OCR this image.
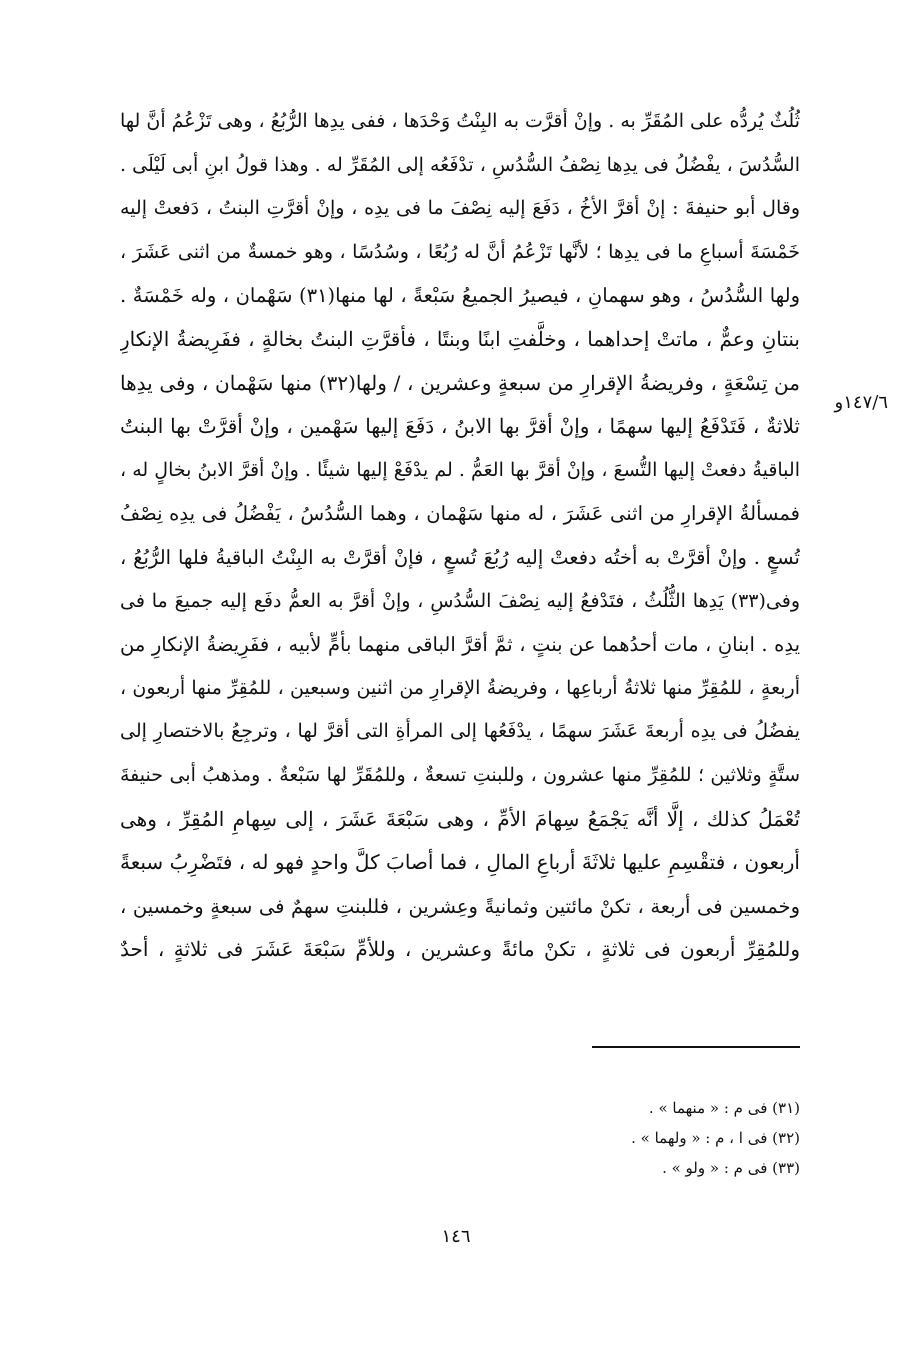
١٤٧/٦و
ثُلُثٌ يُردُّه على المُقَرِّ به . وإنْ أقرَّت به البِنْتُ وَحْدَها ، ففى يدِها الرُّبُعُ ، وهى تَزْعُمُ أنَّ لها
السُّدُسَ ، يفْضُلُ فى يدِها نِصْفُ السُّدُسِ ، تدْفَعُه إلى المُقَرِّ له . وهذا قولُ ابنِ أبى لَيْلَى .
وقال أبو حنيفةَ : إنْ أقرَّ الأخُ ، دَفَعَ إليه نِصْفَ ما فى يدِه ، وإنْ أقرَّتِ البنتُ ، دَفعتْ إليه
خَمْسَةَ أسباعِ ما فى يدِها ؛ لأنَّها تَزْعُمُ أنَّ له رُبُعًا ، وسُدُسًا ، وهو خمسةٌ من اثنى عَشَرَ ،
ولها السُّدُسُ ، وهو سهمانِ ، فيصيرُ الجميعُ سَبْعةً ، لها منها(٣١) سَهْمان ، وله خَمْسَةٌ .
بنتانِ وعمٌّ ، ماتتْ إحداهما ، وخلَّفتِ ابنًا وبنتًا ، فأقرَّتِ البنتُ بخالةٍ ، ففَرِيضةُ الإنكارِ
من تِسْعَةٍ ، وفريضةُ الإقرارِ من سبعةٍ وعشرين ، / ولها(٣٢) منها سَهْمان ، وفى يدِها
ثلاثةٌ ، فَتَدْفَعُ إليها سهمًا ، وإنْ أقرَّ بها الابنُ ، دَفَعَ إليها سَهْمين ، وإنْ أقرَّتْ بها البنتُ
الباقيةُ دفعتْ إليها التُّسعَ ، وإنْ أقرَّ بها العَمُّ . لم يدْفَعْ إليها شيئًا . وإنْ أقرَّ الابنُ بخالٍ له ،
فمسألةُ الإقرارِ من اثنى عَشَرَ ، له منها سَهْمان ، وهما السُّدُسُ ، يَفْضُلُ فى يدِه نِصْفُ
تُسعٍ . وإنْ أقرَّتْ به أختُه دفعتْ إليه رُبُعَ تُسعٍ ، فإنْ أقرَّتْ به البِنْتُ الباقيةُ فلها الرُّبُعُ ،
وفى(٣٣) يَدِها الثُّلُثُ ، فتَدْفعُ إليه نِصْفَ السُّدُسِ ، وإنْ أقرَّ به العمُّ دفَع إليه جميعَ ما فى
يدِه . ابنانِ ، مات أحدُهما عن بنتٍ ، ثمَّ أقرَّ الباقى منهما بأمٍّ لأبيه ، ففَرِيضةُ الإنكارِ من
أربعةٍ ، للمُقِرِّ منها ثلاثةُ أرباعِها ، وفريضةُ الإقرارِ من اثنين وسبعين ، للمُقِرِّ منها أربعون ،
يفضُلُ فى يدِه أربعةَ عَشَرَ سهمًا ، يدْفَعُها إلى المرأةِ التى أقرَّ لها ، وترجِعُ بالاختصارِ إلى
ستَّةٍ وثلاثين ؛ للمُقِرِّ منها عشرون ، وللبنتِ تسعةٌ ، وللمُقَرِّ لها سَبْعةٌ . ومذهبُ أبى حنيفةَ
تُعْمَلُ كذلك ، إلَّا أنَّه يَجْمَعُ سِهامَ الأمِّ ، وهى سَبْعَةَ عَشَرَ ، إلى سِهامِ المُقِرِّ ، وهى
أربعون ، فتقْسِمِ عليها ثلاثَةَ أرباعِ المالِ ، فما أصابَ كلَّ واحدٍ فهو له ، فتَضْرِبُ سبعةً
وخمسين فى أربعة ، تكنْ مائتين وثمانيةً وعِشرين ، فللبنتِ سهمٌ فى سبعةٍ وخمسين ،
وللمُقِرِّ أربعون فى ثلاثةٍ ، تكنْ مائةً وعشرين ، وللأمِّ سَبْعَةَ عَشَرَ فى ثلاثةٍ ، أحدٌ
(٣١) فى م : « منهما » .
(٣٢) فى ا ، م : « ولهما » .
(٣٣) فى م : « ولو » .
١٤٦
